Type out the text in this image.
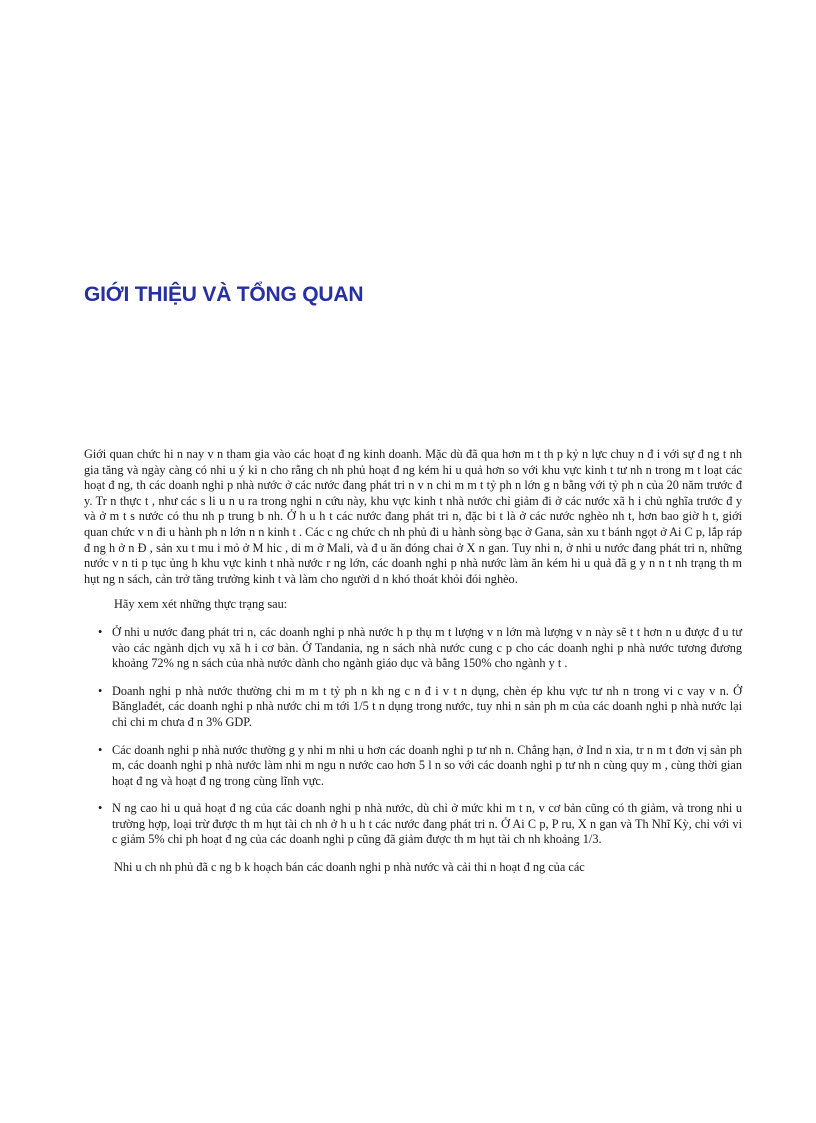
GIỚI THIỆU VÀ TỔNG QUAN

Giới quan chức hi n nay v n tham gia vào các hoạt đ ng kinh doanh. Mặc dù đã qua hơn m t th p kỷ n lực chuy n đ i với sự đ ng t nh gia tăng và ngày càng có nhi u ý ki n cho rằng ch nh phủ hoạt đ ng kém hi u quả hơn so với khu vực kinh t tư nh n trong m t loạt các hoạt đ ng, th các doanh nghi p nhà nước ở các nước đang phát tri n v n chi m m t tỷ ph n lớn g n bằng với tỷ ph n của 20 năm trước đ y. Tr n thực t , như các s li u n u ra trong nghi n cứu này, khu vực kinh t nhà nước chỉ giảm đi ở các nước xã h i chủ nghĩa trước đ y và ở m t s nước có thu nh p trung b nh. Ở h u h t các nước đang phát tri n, đặc bi t là ở các nước nghèo nh t, hơn bao giờ h t, giới quan chức v n đi u hành ph n lớn n n kinh t . Các c ng chức ch nh phủ đi u hành sòng bạc ở Gana, sản xu t bánh ngọt ở Ai C p, lắp ráp đ ng h ở n Đ , sản xu t mu i mỏ ở M hic , di m ở Mali, và đ u ăn đóng chai ở X n gan. Tuy nhi n, ở nhi u nước đang phát tri n, những nước v n ti p tục ủng h khu vực kinh t nhà nước r ng lớn, các doanh nghi p nhà nước làm ăn kém hi u quả đã g y n n t nh trạng th m hụt ng n sách, cản trở tăng trưởng kinh t và làm cho người d n khó thoát khỏi đói nghèo.

Hãy xem xét những thực trạng sau:

• Ở nhi u nước đang phát tri n, các doanh nghi p nhà nước h p thụ m t lượng v n lớn mà lượng v n này sẽ t t hơn n u được đ u tư vào các ngành dịch vụ xã h i cơ bản. Ở Tandania, ng n sách nhà nước cung c p cho các doanh nghi p nhà nước tương đương khoảng 72% ng n sách của nhà nước dành cho ngành giáo dục và bằng 150% cho ngành y t .
• Doanh nghi p nhà nước thường chi m m t tỷ ph n kh ng c n đ i v t n dụng, chèn ép khu vực tư nh n trong vi c vay v n. Ở Bănglađét, các doanh nghi p nhà nước chi m tới 1/5 t n dụng trong nước, tuy nhi n sản ph m của các doanh nghi p nhà nước lại chỉ chi m chưa đ n 3% GDP.
• Các doanh nghi p nhà nước thường g y nhi m nhi u hơn các doanh nghi p tư nh n. Chẳng hạn, ở Ind n xia, tr n m t đơn vị sản ph m, các doanh nghi p nhà nước làm nhi m ngu n nước cao hơn 5 l n so với các doanh nghi p tư nh n cùng quy m , cùng thời gian hoạt đ ng và hoạt đ ng trong cùng lĩnh vực.
• N ng cao hi u quả hoạt đ ng của các doanh nghi p nhà nước, dù chỉ ở mức khi m t n, v cơ bản cũng có th giảm, và trong nhi u trường hợp, loại trừ được th m hụt tài ch nh ở h u h t các nước đang phát tri n. Ở Ai C p, P ru, X n gan và Th Nhĩ Kỳ, chỉ với vi c giảm 5% chi ph hoạt đ ng của các doanh nghi p cũng đã giảm được th m hụt tài ch nh khoảng 1/3.

Nhi u ch nh phủ đã c ng b k hoạch bán các doanh nghi p nhà nước và cải thi n hoạt đ ng của các
